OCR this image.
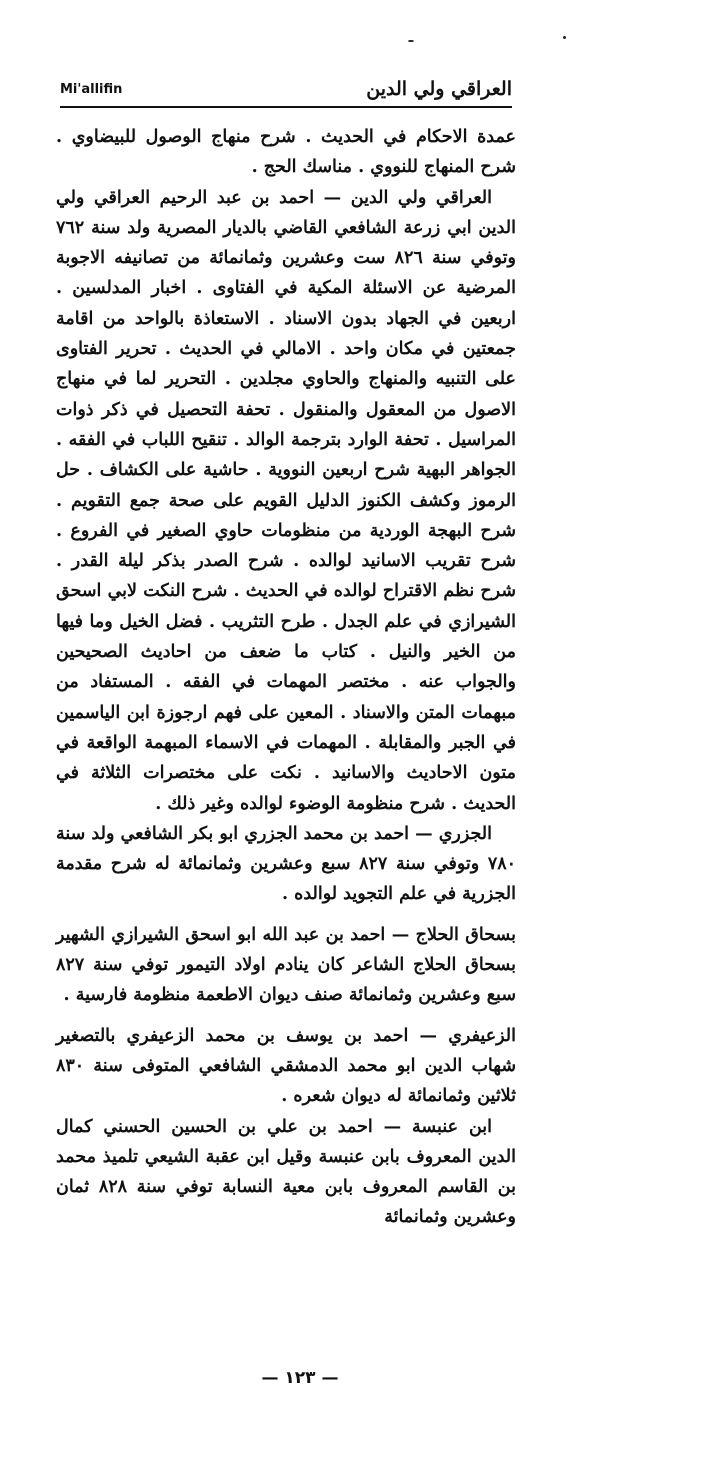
Mi'allifin	العراقي ولي الدين

عمدة الاحكام في الحديث . شرح منهاج الوصول للبيضاوي . شرح المنهاج للنووي . مناسك الحج .

العراقي ولي الدين — احمد بن عبد الرحيم العراقي ولي الدين ابي زرعة الشافعي القاضي بالديار المصرية ولد سنة ٧٦٢ وتوفي سنة ٨٢٦ ست وعشرين وثمانمائة من تصانيفه الاجوبة المرضية عن الاسئلة المكية في الفتاوى . اخبار المدلسين . اربعين في الجهاد بدون الاسناد . الاستعاذة بالواحد من اقامة جمعتين في مكان واحد . الامالي في الحديث . تحرير الفتاوى على التنبيه والمنهاج والحاوي مجلدين . التحرير لما في منهاج الاصول من المعقول والمنقول . تحفة التحصيل في ذكر ذوات المراسيل . تحفة الوارد بترجمة الوالد . تنقيح اللباب في الفقه . الجواهر البهية شرح اربعين النووية . حاشية على الكشاف . حل الرموز وكشف الكنوز الدليل القويم على صحة جمع التقويم . شرح البهجة الوردية من منظومات حاوي الصغير في الفروع . شرح تقريب الاسانيد لوالده . شرح الصدر بذكر ليلة القدر . شرح نظم الاقتراح لوالده في الحديث . شرح النكت لابي اسحق الشيرازي في علم الجدل . طرح التثريب . فضل الخيل وما فيها من الخير والنيل . كتاب ما ضعف من احاديث الصحيحين والجواب عنه . مختصر المهمات في الفقه . المستفاد من مبهمات المتن والاسناد . المعين على فهم ارجوزة ابن الياسمين في الجبر والمقابلة . المهمات في الاسماء المبهمة الواقعة في متون الاحاديث والاسانيد . نكت على مختصرات الثلاثة في الحديث . شرح منظومة الوضوء لوالده وغير ذلك .

الجزري — احمد بن محمد الجزري ابو بكر الشافعي ولد سنة ٧٨٠ وتوفي سنة ٨٢٧ سبع وعشرين وثمانمائة له شرح مقدمة الجزرية في علم التجويد لوالده .

بسحاق الحلاج — احمد بن عبد الله ابو اسحق الشيرازي الشهير بسحاق الحلاج الشاعر كان ينادم اولاد التيمور توفي سنة ٨٢٧ سبع وعشرين وثمانمائة صنف ديوان الاطعمة منظومة فارسية .

الزعيفري — احمد بن يوسف بن محمد الزعيفري بالتصغير شهاب الدين ابو محمد الدمشقي الشافعي المتوفى سنة ٨٣٠ ثلاثين وثمانمائة له ديوان شعره .

ابن عنبسة — احمد بن علي بن الحسين الحسني كمال الدين المعروف بابن عنبسة وقيل ابن عقبة الشيعي تلميذ محمد بن القاسم المعروف بابن معية النسابة توفي سنة ٨٢٨ ثمان وعشرين وثمانمائة

— ١٢٣ —
